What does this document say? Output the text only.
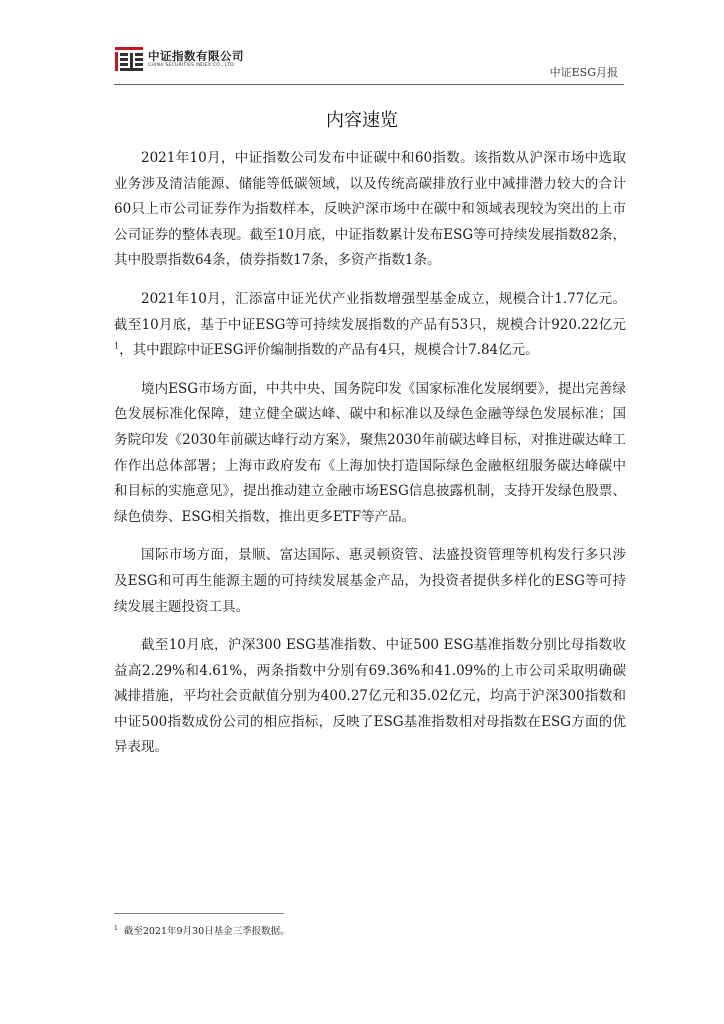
中证指数有限公司
CHINA SECURITIES INDEX CO., LTD.
中证ESG月报
内容速览

2021年10月，中证指数公司发布中证碳中和60指数。该指数从沪深市场中选取业务涉及清洁能源、储能等低碳领域，以及传统高碳排放行业中减排潜力较大的合计60只上市公司证券作为指数样本，反映沪深市场中在碳中和领域表现较为突出的上市公司证券的整体表现。截至10月底，中证指数累计发布ESG等可持续发展指数82条，其中股票指数64条，债券指数17条，多资产指数1条。

2021年10月，汇添富中证光伏产业指数增强型基金成立，规模合计1.77亿元。截至10月底，基于中证ESG等可持续发展指数的产品有53只，规模合计920.22亿元$^1$，其中跟踪中证ESG评价编制指数的产品有4只，规模合计7.84亿元。

境内ESG市场方面，中共中央、国务院印发《国家标准化发展纲要》，提出完善绿色发展标准化保障，建立健全碳达峰、碳中和标准以及绿色金融等绿色发展标准；国务院印发《2030年前碳达峰行动方案》，聚焦2030年前碳达峰目标，对推进碳达峰工作作出总体部署；上海市政府发布《上海加快打造国际绿色金融枢纽服务碳达峰碳中和目标的实施意见》，提出推动建立金融市场ESG信息披露机制，支持开发绿色股票、绿色债券、ESG相关指数，推出更多ETF等产品。

国际市场方面，景顺、富达国际、惠灵顿资管、法盛投资管理等机构发行多只涉及ESG和可再生能源主题的可持续发展基金产品，为投资者提供多样化的ESG等可持续发展主题投资工具。

截至10月底，沪深300 ESG基准指数、中证500 ESG基准指数分别比母指数收益高2.29%和4.61%，两条指数中分别有69.36%和41.09%的上市公司采取明确碳减排措施，平均社会贡献值分别为400.27亿元和35.02亿元，均高于沪深300指数和中证500指数成份公司的相应指标，反映了ESG基准指数相对母指数在ESG方面的优异表现。

$^1$ 截至2021年9月30日基金三季报数据。
